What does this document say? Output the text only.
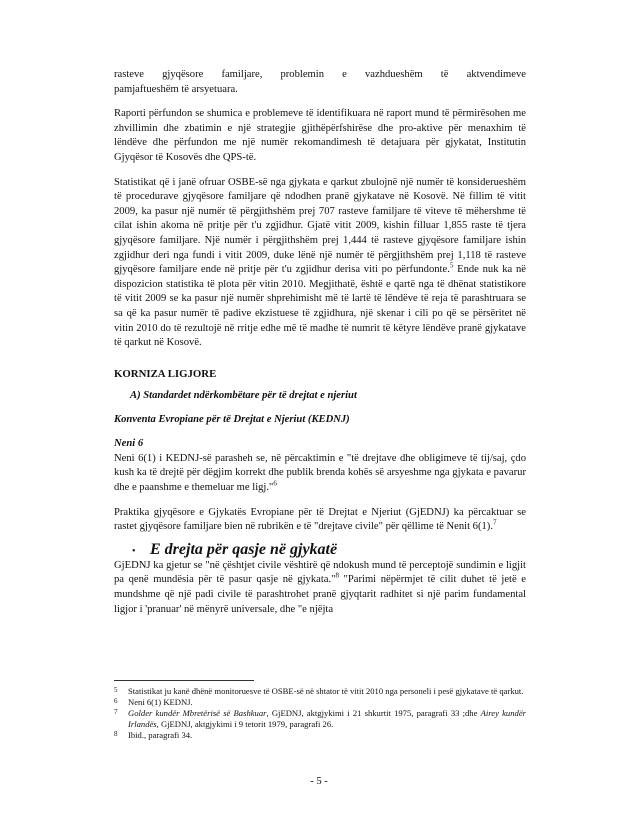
rasteve gjyqësore familjare, problemin e vazhdueshëm të aktvendimeve

pamjaftueshëm të arsyetuara.

Raporti përfundon se shumica e problemeve të identifikuara në raport mund të përmirësohen me zhvillimin dhe zbatimin e një strategjie gjithëpërfshirëse dhe pro-aktive për menaxhim të lëndëve dhe përfundon me një numër rekomandimesh të detajuara për gjykatat, Institutin Gjyqësor të Kosovës dhe QPS-të.

Statistikat që i janë ofruar OSBE-së nga gjykata e qarkut zbulojnë një numër të konsiderueshëm të procedurave gjyqësore familjare që ndodhen pranë gjykatave në Kosovë. Në fillim të vitit 2009, ka pasur një numër të përgjithshëm prej 707 rasteve familjare të viteve të mëhershme të cilat ishin akoma në pritje për t'u zgjidhur. Gjatë vitit 2009, kishin filluar 1,855 raste të tjera gjyqësore familjare. Një numër i përgjithshëm prej 1,444 të rasteve gjyqësore familjare ishin zgjidhur deri nga fundi i vitit 2009, duke lënë një numër të përgjithshëm prej 1,118 të rasteve gjyqësore familjare ende në pritje për t'u zgjidhur derisa viti po përfundonte.$^5$ Ende nuk ka në dispozicion statistika të plota për vitin 2010. Megjithatë, është e qartë nga të dhënat statistikore të vitit 2009 se ka pasur një numër shprehimisht më të lartë të lëndëve të reja të parashtruara se sa që ka pasur numër të padive ekzistuese të zgjidhura, një skenar i cili po që se përsëritet në vitin 2010 do të rezultojë në rritje edhe më të madhe të numrit të këtyre lëndëve pranë gjykatave të qarkut në Kosovë.

KORNIZA LIGJORE
A) Standardet ndërkombëtare për të drejtat e njeriut

Konventa Evropiane për të Drejtat e Njeriut (KEDNJ)

Neni 6

Neni 6(1) i KEDNJ-së parasheh se, në përcaktimin e "të drejtave dhe obligimeve të tij/saj, çdo kush ka të drejtë për dëgjim korrekt dhe publik brenda kohës së arsyeshme nga gjykata e pavarur dhe e paanshme e themeluar me ligj."$^6$

Praktika gjyqësore e Gjykatës Evropiane për të Drejtat e Njeriut (GjEDNJ) ka përcaktuar se rastet gjyqësore familjare bien në rubrikën e të "drejtave civile" për qëllime të Nenit 6(1).$^7$

• E drejta për qasje në gjykatë

GjEDNJ ka gjetur se "në çështjet civile vështirë që ndokush mund të perceptojë sundimin e ligjit pa qenë mundësia për të pasur qasje në gjykata."$^8$ "Parimi nëpërmjet të cilit duhet të jetë e mundshme që një padi civile të parashtrohet pranë gjyqtarit radhitet si një parim fundamental ligjor i 'pranuar' në mënyrë universale, dhe "e njëjta

5	Statistikat ju kanë dhënë monitoruesve të OSBE-së në shtator të vitit 2010 nga personeli i pesë gjykatave të qarkut.
6	Neni 6(1) KEDNJ.
7	Golder kundër Mbretërisë së Bashkuar, GjEDNJ, aktgjykimi i 21 shkurtit 1975, paragrafi 33 ;dhe Airey kundër Irlandës, GjEDNJ, aktgjykimi i 9 tetorit 1979, paragrafi 26.
8	Ibid., paragrafi 34.
- 5 -
